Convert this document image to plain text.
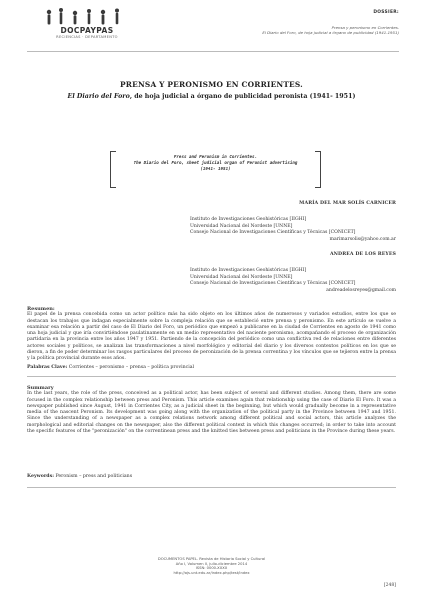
DOCPAYPAS
RECIENCIAS · DEPARTAMENTO
DOSSIER:
Prensa y peronismo en Corrientes.
El Diario del Foro, de hoja judicial a órgano de publicidad (1941-1951)
PRENSA Y PERONISMO EN CORRIENTES.
El Diario del Foro, de hoja judicial a órgano de publicidad peronista (1941- 1951)
Press and Peronism in Corrientes.
The Diario del Foro, sheet judicial organ of Peronist advertising
(1941- 1951)
MARÍA DEL MAR SOLÍS CARNICER
Instituto de Investigaciones Geohistóricas [IIGHI]
Universidad Nacional del Nordeste [UNNE]
Consejo Nacional de Investigaciones Científicas y Técnicas [CONICET]
marimarsolis@yahoo.com.ar
ANDREA DE LOS REYES
Instituto de Investigaciones Geohistóricas [IIGHI]
Universidad Nacional del Nordeste [UNNE]
Consejo Nacional de Investigaciones Científicas y Técnicas [CONICET]
andreadelosreyes@gmail.com
Resumen:
El papel de la prensa concebida como un actor político más ha sido objeto en los últimos años de numerosos y variados estudios, entre los que se destacan los trabajos que indagan especialmente sobre la compleja relación que se estableció entre prensa y peronismo. En este artículo se vuelve a examinar esa relación a partir del caso de El Diario del Foro, un periódico que empezó a publicarse en la ciudad de Corrientes en agosto de 1941 como una hoja judicial y que iría convirtiéndose paulatinamente en un medio representativo del naciente peronismo, acompañando el proceso de organización partidaria en la provincia entre los años 1947 y 1951. Partiendo de la concepción del periódico como una conflictiva red de relaciones entre diferentes actores sociales y políticos, se analizan las transformaciones a nivel morfológico y editorial del diario y los diversos contextos políticos en los que se dieron, a fin de poder determinar los rasgos particulares del proceso de peronización de la prensa correntina y los vínculos que se tejieron entre la prensa y la política provincial durante esos años.
Palabras Clave: Corrientes – peronismo – prensa – política provincial
Summary
In the last years, the role of the press, conceived as a political actor, has been subject of several and different studies. Among them, there are some focused in the complex relationship between press and Peronism. This article examines again that relationship using the case of Diario El Foro. It was a newspaper published since August, 1941 in Corrientes City, as a judicial sheet in the beginning, but which would gradually become in a representative media of the nascent Peronism. Its development was going along with the organization of the political party in the Province between 1947 and 1951. Since the understanding of a newspaper as a complex relations network among different political and social actors, this article analyzes the morphological and editorial changes on the newspaper, also the different political context in which this changes occurred; in order to take into account the specific features of the "peronización" on the correntinean press and the knitted ties between press and politicians in the Province during these years.
Keywords: Peronism – press and politicians
DOCUMENTOS PAPEL. Revista de Historia Social y Cultural
Año I, Volumen II, julio-diciembre 2014
ISSN: 0000-XXXX
http://ojs.unt.edu.ar/index.php/test/index
[248]
